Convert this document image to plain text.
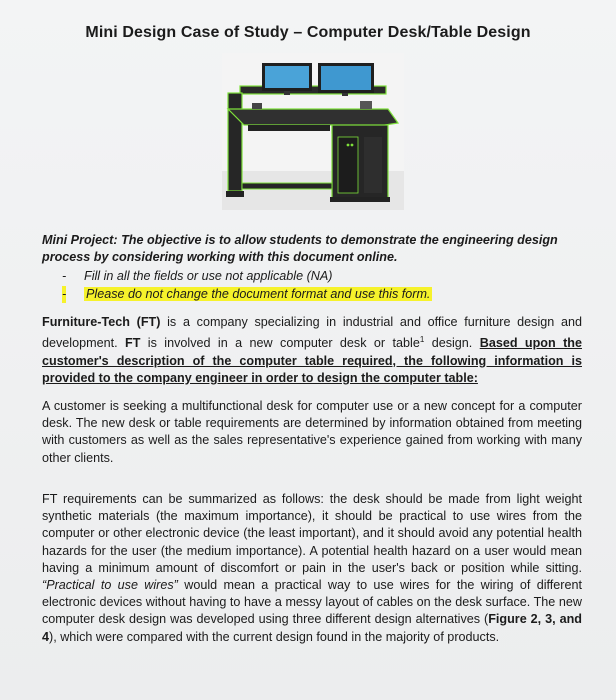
Mini Design Case of Study – Computer Desk/Table Design

Mini Project: The objective is to allow students to demonstrate the engineering design process by considering working with this document online.

- Fill in all the fields or use not applicable (NA)
- Please do not change the document format and use this form.

Furniture-Tech (FT) is a company specializing in industrial and office furniture design and development. FT is involved in a new computer desk or table$^1$ design. Based upon the customer's description of the computer table required, the following information is provided to the company engineer in order to design the computer table:

A customer is seeking a multifunctional desk for computer use or a new concept for a computer desk. The new desk or table requirements are determined by information obtained from meeting with customers as well as the sales representative's experience gained from working with many other clients.

FT requirements can be summarized as follows: the desk should be made from light weight synthetic materials (the maximum importance), it should be practical to use wires from the computer or other electronic device (the least important), and it should avoid any potential health hazards for the user (the medium importance). A potential health hazard on a user would mean having a minimum amount of discomfort or pain in the user's back or position while sitting. “Practical to use wires” would mean a practical way to use wires for the wiring of different electronic devices without having to have a messy layout of cables on the desk surface. The new computer desk design was developed using three different design alternatives (Figure 2, 3, and 4), which were compared with the current design found in the majority of products.
